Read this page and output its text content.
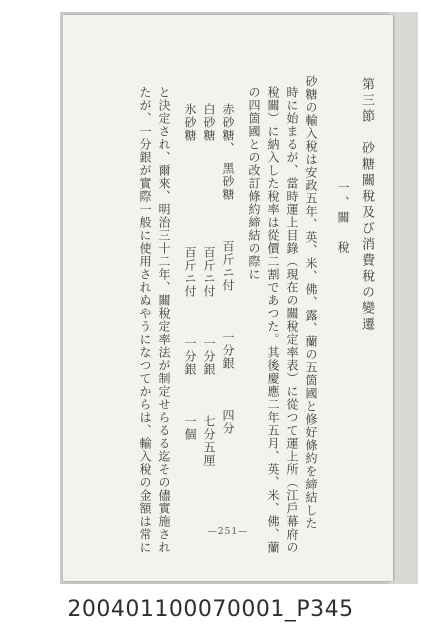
第三節　砂糖關稅及び消費稅の變遷
一、關　稅
砂糖の輸入稅は安政五年、英、米、佛、露、蘭の五箇國と修好條約を締結した
時に始まるが、當時運上目錄（現在の關稅定率表）に從つて運上所（江戶幕府の
稅關）に納入した稅率は從價二割であつた。其後慶應二年五月、英、米、佛、蘭
の四箇國との改訂條約締結の際に
赤砂糖、　黑砂糖　　　百斤ニ付　　　一分銀　　　四分
白砂糖　　　　　　　　百斤ニ付　　　一分銀　　　七分五厘
氷砂糖　　　　　　　　百斤ニ付　　　一分銀　　　一個
と決定され、爾來、明治三十二年、關稅定率法が制定せらるる迄その儘實施され
たが、一分銀が實際一般に使用されぬやうになつてからは、輸入稅の金額は常に	—251—
200401100070001_P345
